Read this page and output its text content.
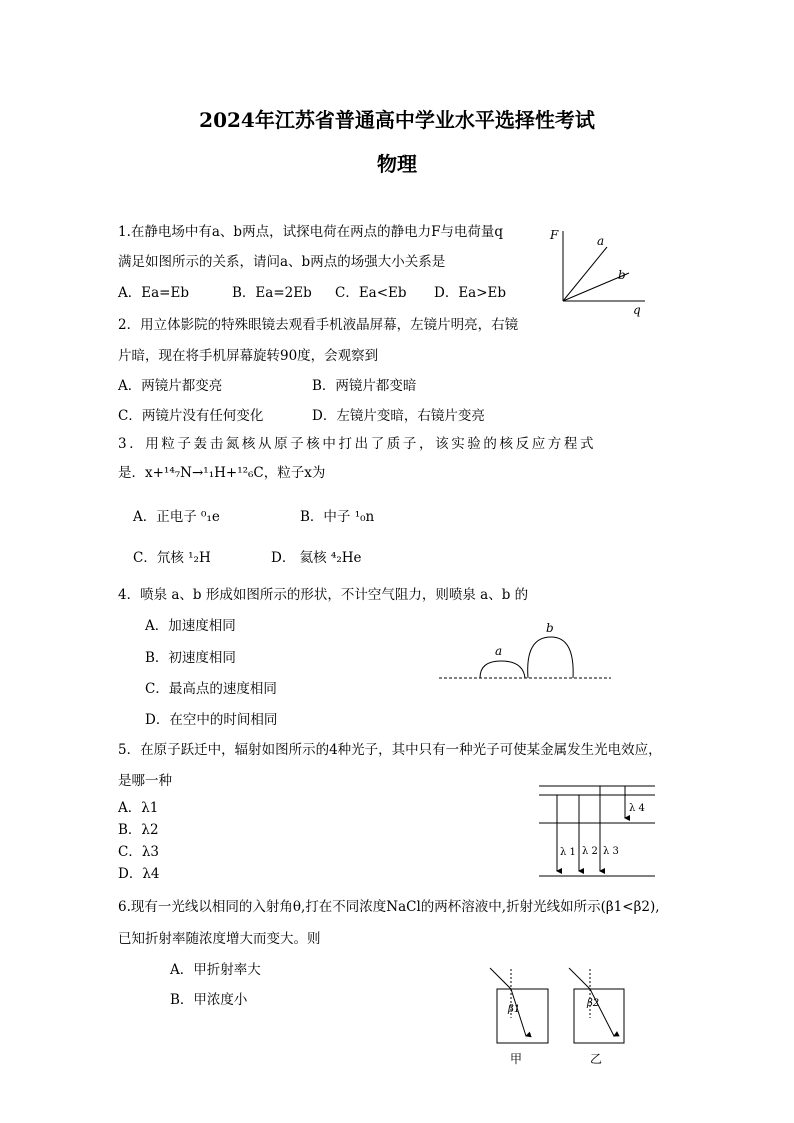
2024年江苏省普通高中学业水平选择性考试
物理
1.在静电场中有a、b两点，试探电荷在两点的静电力F与电荷量q
满足如图所示的关系，请问a、b两点的场强大小关系是
A．Ea=Eb	B．Ea=2Eb C．Ea<Eb D．Ea>Eb
F
q
a
b
2．用立体影院的特殊眼镜去观看手机液晶屏幕，左镜片明亮，右镜
片暗，现在将手机屏幕旋转90度，会观察到
A．两镜片都变亮	B．两镜片都变暗
C．两镜片没有任何变化	D．左镜片变暗，右镜片变亮
3．用粒子轰击氮核从原子核中打出了质子，该实验的核反应方程式
是．x+¹⁴₇N→¹₁H+¹²₆C，粒子x为
A．正电子 ⁰₁e	B．中子 ¹₀n
C．氘核 ¹₂H	D． 氦核 ⁴₂He
4．喷泉 a、b 形成如图所示的形状，不计空气阻力，则喷泉 a、b 的
A．加速度相同
B．初速度相同
C．最高点的速度相同
D．在空中的时间相同
a
b
5．在原子跃迁中，辐射如图所示的4种光子，其中只有一种光子可使某金属发生光电效应，
是哪一种
A．λ1
B．λ2
C．λ3
D．λ4
λ 1 λ 2 λ 3
λ 4
6.现有一光线以相同的入射角θ,打在不同浓度NaCl的两杯溶液中,折射光线如所示(β1<β2),
已知折射率随浓度增大而变大。则
A．甲折射率大
B．甲浓度小
β1
甲
β2
乙
